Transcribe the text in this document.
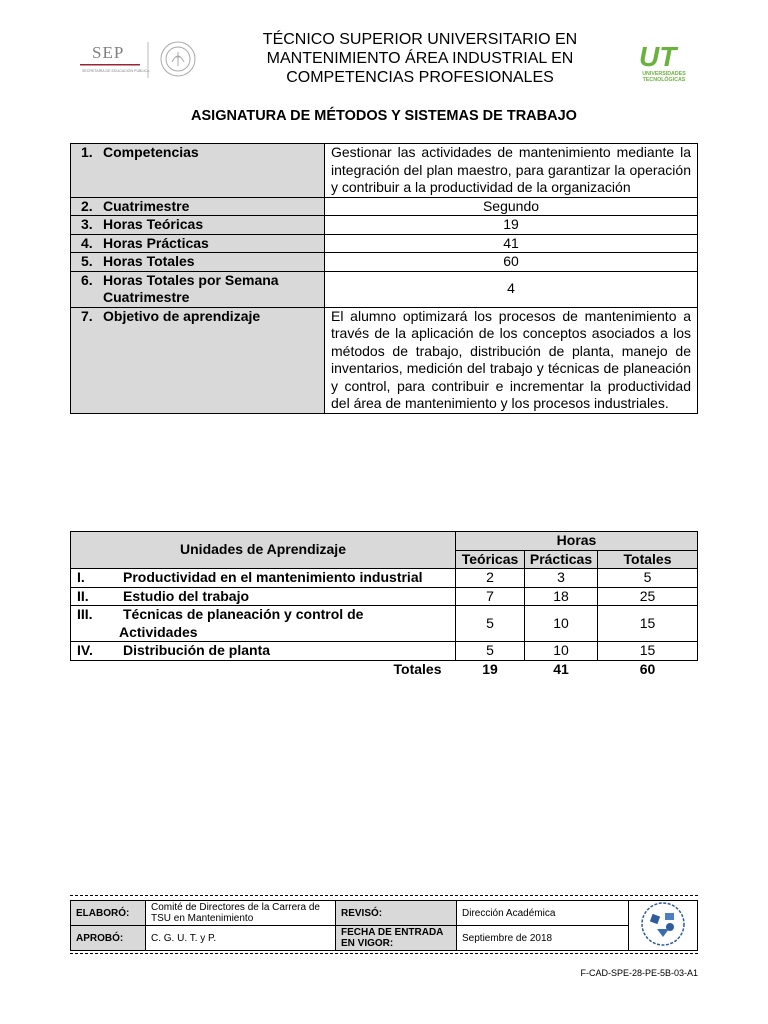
SEP
SECRETARÍA DE EDUCACIÓN PÚBLICA
TÉCNICO SUPERIOR UNIVERSITARIO EN
MANTENIMIENTO ÁREA INDUSTRIAL EN
COMPETENCIAS PROFESIONALES
UT
UNIVERSIDADES
TECNOLÓGICAS
ASIGNATURA DE MÉTODOS Y SISTEMAS DE TRABAJO
1. Competencias	Gestionar las actividades de mantenimiento mediante la integración del plan maestro, para garantizar la operación y contribuir a la productividad de la organización
2. Cuatrimestre	Segundo
3. Horas Teóricas	19
4. Horas Prácticas	41
5. Horas Totales	60
6. Horas Totales por Semana
Cuatrimestre	4
7. Objetivo de aprendizaje	El alumno optimizará los procesos de mantenimiento a través de la aplicación de los conceptos asociados a los métodos de trabajo, distribución de planta, manejo de inventarios, medición del trabajo y técnicas de planeación y control, para contribuir e incrementar la productividad del área de mantenimiento y los procesos industriales.
Unidades de Aprendizaje	Horas		
	Teóricas	Prácticas	Totales
I. Productividad en el mantenimiento industrial	2	3	5
II. Estudio del trabajo	7	18	25
III. Técnicas de planeación y control de
Actividades	5	10	15
IV. Distribución de planta	5	10	15
Totales	19	41	60
ELABORÓ:	Comité de Directores de la Carrera de TSU en Mantenimiento	REVISÓ:	Dirección Académica	
APROBÓ:	C. G. U. T. y P.	FECHA DE ENTRADA EN VIGOR:	Septiembre de 2018	
F-CAD-SPE-28-PE-5B-03-A1
